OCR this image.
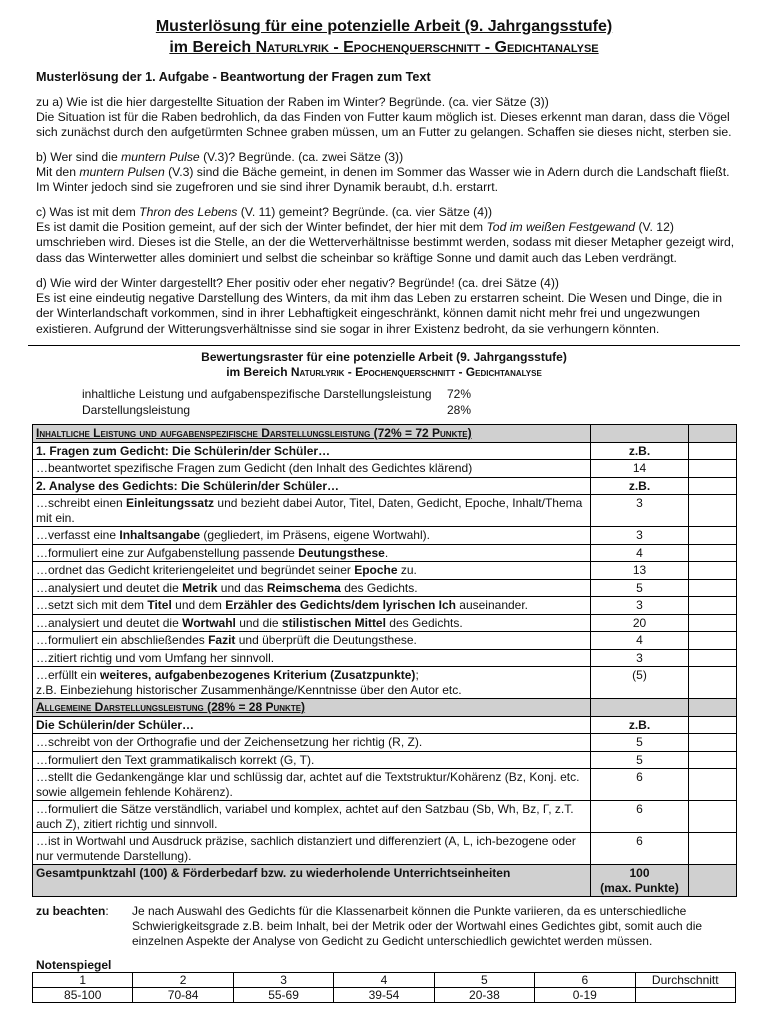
Musterlösung für eine potenzielle Arbeit (9. Jahrgangsstufe)
im Bereich Naturlyrik - Epochenquerschnitt - Gedichtanalyse

Musterlösung der 1. Aufgabe - Beantwortung der Fragen zum Text

zu a) Wie ist die hier dargestellte Situation der Raben im Winter? Begründe. (ca. vier Sätze (3))

Die Situation ist für die Raben bedrohlich, da das Finden von Futter kaum möglich ist. Dieses erkennt man daran, dass die Vögel sich zunächst durch den aufgetürmten Schnee graben müssen, um an Futter zu gelangen. Schaffen sie dieses nicht, sterben sie.

b) Wer sind die muntern Pulse (V.3)? Begründe. (ca. zwei Sätze (3))

Mit den muntern Pulsen (V.3) sind die Bäche gemeint, in denen im Sommer das Wasser wie in Adern durch die Landschaft fließt. Im Winter jedoch sind sie zugefroren und sie sind ihrer Dynamik beraubt, d.h. erstarrt.

c) Was ist mit dem Thron des Lebens (V. 11) gemeint? Begründe. (ca. vier Sätze (4))

Es ist damit die Position gemeint, auf der sich der Winter befindet, der hier mit dem Tod im weißen Festgewand (V. 12) umschrieben wird. Dieses ist die Stelle, an der die Wetterverhältnisse bestimmt werden, sodass mit dieser Metapher gezeigt wird, dass das Winterwetter alles dominiert und selbst die scheinbar so kräftige Sonne und damit auch das Leben verdrängt.

d) Wie wird der Winter dargestellt? Eher positiv oder eher negativ? Begründe! (ca. drei Sätze (4))

Es ist eine eindeutig negative Darstellung des Winters, da mit ihm das Leben zu erstarren scheint. Die Wesen und Dinge, die in der Winterlandschaft vorkommen, sind in ihrer Lebhaftigkeit eingeschränkt, können damit nicht mehr frei und ungezwungen existieren. Aufgrund der Witterungsverhältnisse sind sie sogar in ihrer Existenz bedroht, da sie verhungern könnten.

Bewertungsraster für eine potenzielle Arbeit (9. Jahrgangsstufe)
im Bereich Naturlyrik - Epochenquerschnitt - Gedichtanalyse
inhaltliche Leistung und aufgabenspezifische Darstellungsleistung 72%
Darstellungsleistung	28%
Inhaltliche Leistung und aufgabenspezifische Darstellungsleistung (72% = 72 Punkte)		
1. Fragen zum Gedicht: Die Schülerin/der Schüler…	z.B.	
…beantwortet spezifische Fragen zum Gedicht (den Inhalt des Gedichtes klärend)	14	
2. Analyse des Gedichts: Die Schülerin/der Schüler…	z.B.	
…schreibt einen Einleitungssatz und bezieht dabei Autor, Titel, Daten, Gedicht, Epoche, Inhalt/Thema mit ein.	3	
…verfasst eine Inhaltsangabe (gegliedert, im Präsens, eigene Wortwahl).	3	
…formuliert eine zur Aufgabenstellung passende Deutungsthese.	4	
…ordnet das Gedicht kriteriengeleitet und begründet seiner Epoche zu.	13	
…analysiert und deutet die Metrik und das Reimschema des Gedichts.	5	
…setzt sich mit dem Titel und dem Erzähler des Gedichts/dem lyrischen Ich auseinander.	3	
…analysiert und deutet die Wortwahl und die stilistischen Mittel des Gedichts.	20	
…formuliert ein abschließendes Fazit und überprüft die Deutungsthese.	4	
…zitiert richtig und vom Umfang her sinnvoll.	3	
…erfüllt ein weiteres, aufgabenbezogenes Kriterium (Zusatzpunkte);
z.B. Einbeziehung historischer Zusammenhänge/Kenntnisse über den Autor etc.	(5)	
Allgemeine Darstellungsleistung (28% = 28 Punkte)		
Die Schülerin/der Schüler…	z.B.	
…schreibt von der Orthografie und der Zeichensetzung her richtig (R, Z).	5	
…formuliert den Text grammatikalisch korrekt (G, T).	5	
…stellt die Gedankengänge klar und schlüssig dar, achtet auf die Textstruktur/Kohärenz (Bz, Konj. etc. sowie allgemein fehlende Kohärenz).	6	
…formuliert die Sätze verständlich, variabel und komplex, achtet auf den Satzbau (Sb, Wh, Bz, Γ, z.T. auch Z), zitiert richtig und sinnvoll.	6	
…ist in Wortwahl und Ausdruck präzise, sachlich distanziert und differenziert (A, L, ich-bezogene oder nur vermutende Darstellung).	6	
Gesamtpunktzahl (100) & Förderbedarf bzw. zu wiederholende Unterrichtseinheiten	100
(max. Punkte)	
zu beachten: Je nach Auswahl des Gedichts für die Klassenarbeit können die Punkte variieren, da es unterschiedliche Schwierigkeitsgrade z.B. beim Inhalt, bei der Metrik oder der Wortwahl eines Gedichtes gibt, somit auch die einzelnen Aspekte der Analyse von Gedicht zu Gedicht unterschiedlich gewichtet werden müssen.
Notenspiegel
1	2	3	4	5	6	Durchschnitt
85-100	70-84	55-69	39-54	20-38	0-19	
